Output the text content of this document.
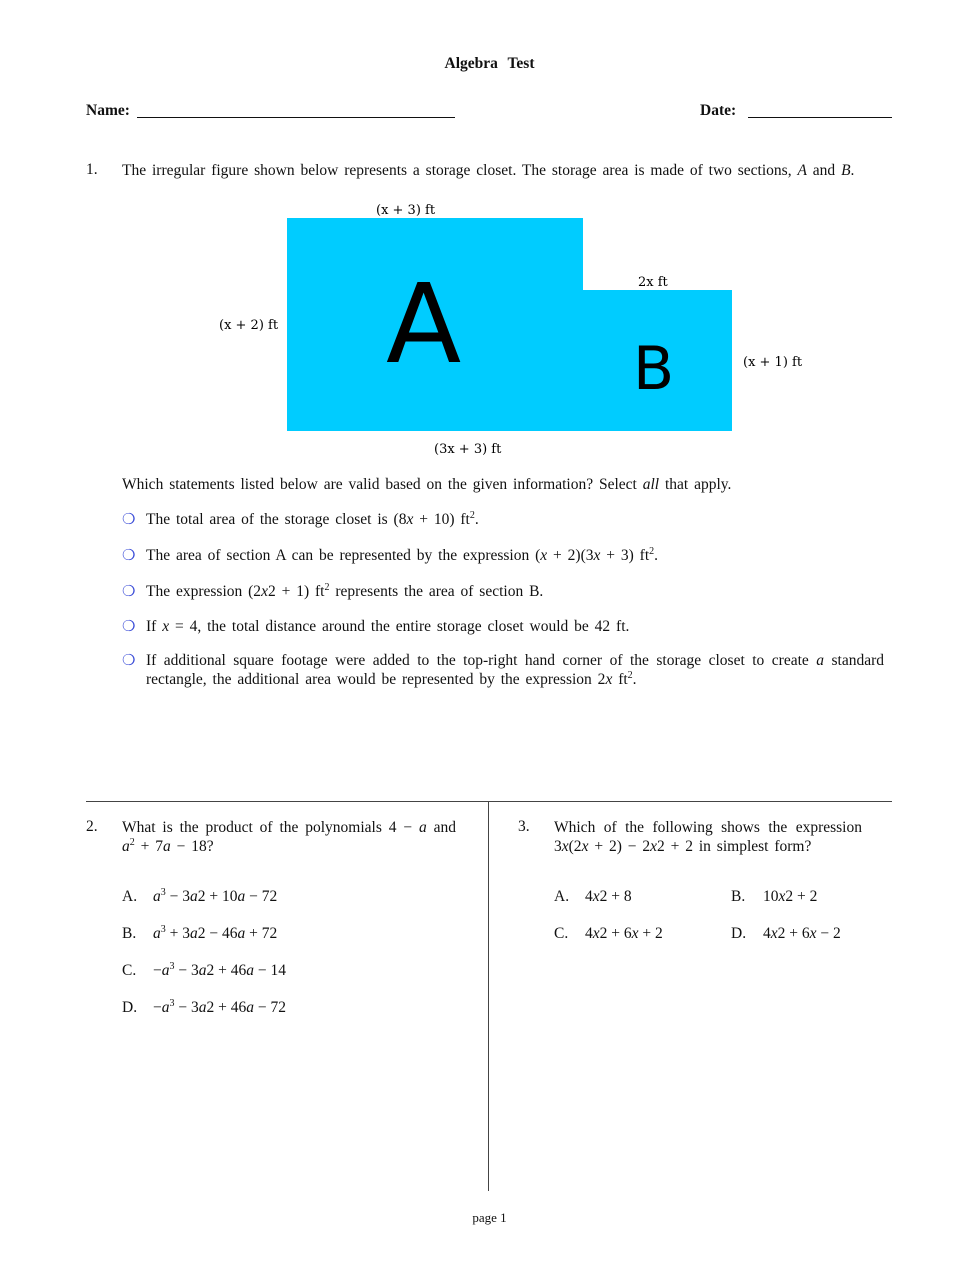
Algebra Test
Name:	Date:
1.	The irregular figure shown below represents a storage closet. The storage area is made of two sections, A and B.
(x + 3) ft
2x ft
(x + 2) ft
(x + 1) ft
(3x + 3) ft
A	B
Which statements listed below are valid based on the given information? Select all that apply.
❍ The total area of the storage closet is (8x + 10) $ft^2$.
❍ The area of section A can be represented by the expression (x + 2)(3x + 3) $ft^2$.
❍ The expression (2x2 + 1) $ft^2$ represents the area of section B.
❍ If x = 4, the total distance around the entire storage closet would be 42 ft.
❍ If additional square footage were added to the top-right hand corner of the storage closet to create a standard rectangle, the additional area would be represented by the expression 2x $ft^2$.
2.	What is the product of the polynomials 4 − a and $a^2 + 7a - 18$?
A. $a^3 - 3a2 + 10a - 72$
B. $a^3 + 3a2 - 46a + 72$
C. $-a^3 - 3a2 + 46a - 14$
D. $-a^3 - 3a2 + 46a - 72$
3.	Which of the following shows the expression 3x(2x + 2) − 2x2 + 2 in simplest form?
A. 4x2 + 8	B. 10x2 + 2
C. 4x2 + 6x + 2	D. 4x2 + 6x − 2
page 1
